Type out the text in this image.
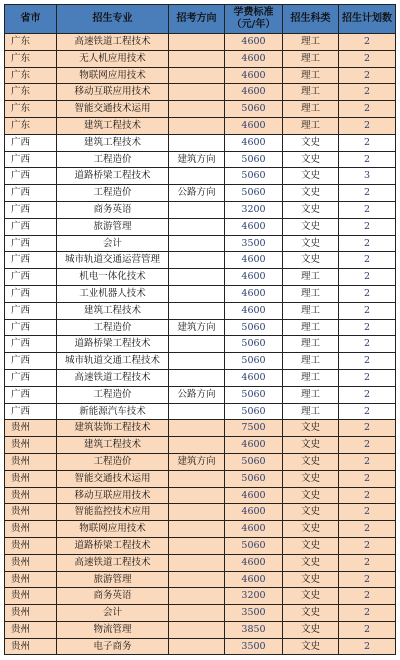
省市	招生专业	招考方向	学费标准（元/年）	招生科类	招生计划数
广东	高速铁道工程技术		4600	理工	2
广东	无人机应用技术		4600	理工	2
广东	物联网应用技术		4600	理工	2
广东	移动互联应用技术		4600	理工	2
广东	智能交通技术运用		5060	理工	2
广东	建筑工程技术		4600	理工	2
广西	建筑工程技术		4600	文史	2
广西	工程造价	建筑方向	5060	文史	2
广西	道路桥梁工程技术		5060	文史	3
广西	工程造价	公路方向	5060	文史	2
广西	商务英语		3200	文史	2
广西	旅游管理		4600	文史	2
广西	会计		3500	文史	2
广西	城市轨道交通运营管理		4600	文史	2
广西	机电一体化技术		4600	理工	2
广西	工业机器人技术		4600	理工	2
广西	建筑工程技术		4600	理工	2
广西	工程造价	建筑方向	5060	理工	2
广西	道路桥梁工程技术		5060	理工	2
广西	城市轨道交通工程技术		5060	理工	2
广西	高速铁道工程技术		4600	理工	2
广西	工程造价	公路方向	5060	理工	2
广西	新能源汽车技术		5060	理工	2
贵州	建筑装饰工程技术		7500	文史	2
贵州	建筑工程技术		4600	文史	2
贵州	工程造价	建筑方向	5060	文史	2
贵州	智能交通技术运用		5060	文史	2
贵州	移动互联应用技术		4600	文史	2
贵州	智能监控技术应用		4600	文史	2
贵州	物联网应用技术		4600	文史	2
贵州	道路桥梁工程技术		5060	文史	2
贵州	高速铁道工程技术		4600	文史	2
贵州	旅游管理		4600	文史	2
贵州	商务英语		3200	文史	2
贵州	会计		3500	文史	2
贵州	物流管理		3850	文史	2
贵州	电子商务		3500	文史	2
